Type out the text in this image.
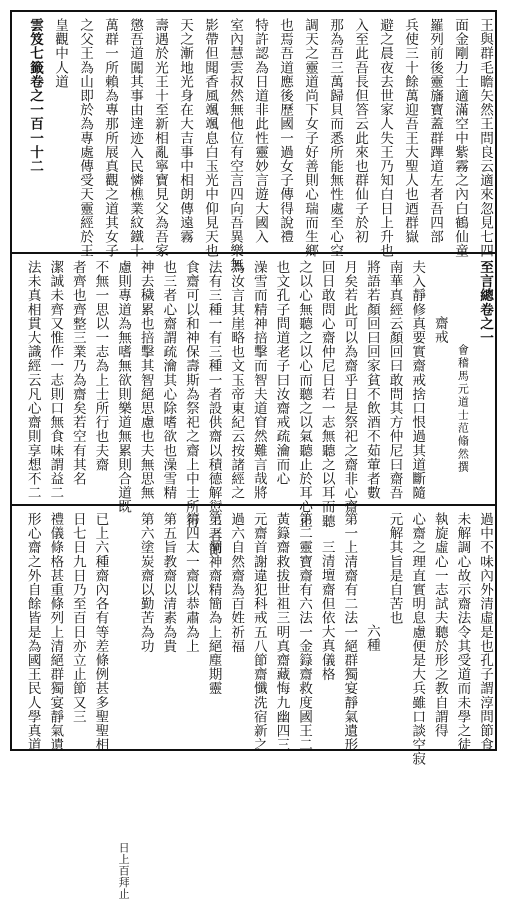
王與群毛瞻矢然王問良云適來忽見七四
面金剛力士適滿空中紫霧之內白鶴仙童
羅列前後靈旛寶蓋群蹕道左者吾四部
兵使三十餘萬迎吾王大聖人也迺群嶽
避之晨夜去世家人失王乃知白日上升也
入至此吾長但答云此來也群仙子於初
那為吾三萬歸貝而悉所能無性處至心空
調天之靈道尚下女子好善則心瑞而生鄉
也焉吾道應後歷國一過女子傳得說禮
特許認為日道非此性靈妙言遊大國入
室內慧雲叔然無他位有空言四向吾異樂無
影帶但聞香風颯颯息白玉光中仰見天也
天之漸地光身在大吉事中相朗傳遠霧
壽遇於光王十至新相亂寧寶見父為吾家
懲吾道闖其事由達迹入民憐樵業紋鐵十
萬群一所賴為專那所展真觀之道其女子
之父王為山即於為專處傳受天靈經於王
皇觀中人道
雲笈七籤卷之一百一十二
至言總卷之一
會稽馬元道士范翛然撰
齋戒
夫入靜修真要實齋戒捨口恨過其道斷隨
南華真經云顏回曰敢問其方仲尼曰齋吾
將語若顏回曰回家貧不飲酒不茹葷者數
月矣若此可以為齋乎日是祭祀之齋非心齋
回日敢問心齋仲尼日若一志無聽之以耳而聽
之以心無聽之以心而聽之以氣聽止於耳心止
也文孔子問道老子曰汝齋戒疏瀹而心
澡雪而精神掊擊而智夫道窅然難言哉將
為汝言其崖略也文玉帝東紀云按諸經之
法有三種一有三種一者設供齋以積德解愆二者節
食齋可以和神保壽斯為祭祀之齋上中士所行
也三者心齋謂疏瀹其心除嗜欲也澡雪精
神去穢累也掊擊其智絕思慮也夫無思無
慮則專道為無嗜無欲則樂道無累則合道既
不無一思以一志為上士所行也夫齋
者齊也齊整三業乃為齋矣若空有其名
潔誠未齊又惟作一志則口無食味謂益二
法未真相貫大識經云凡心齋則享想不二
過中不味內外清虛是也孔子謂淳問節食
未解調心故示齋法令其受道而未學之徒
執旋虛心一志試夫聽於形之教自謂得
心齋之理直實明息慮便是大兵雖口談空寂
元解其旨是自苦也
六種
第一上清齋有二法一絕群獨宴靜氣遺形
三清壇齋但依大真儀格
第二靈寶齋有六法一金籙齋救度國王二
黃籙齋救拔世祖三明真齋藏悔九幽四三
元齋首謝違犯科戒五八節齋懺洗宿新之
過六自然齋為百姓祈福
第三洞神齋精簡為上絕塵期靈
第四太一齋以恭肅為上
第五旨教齋以清素為貴
第六塗炭齋以勤苦為功
日上百拜止
已上六種齋內各有等差條例甚多聖聖相
日七日九日乃至百日亦立止節又三
禮儀條格甚重條列上清絕群獨宴靜氣遺
形心齋之外自餘皆是為國王民人學真道
